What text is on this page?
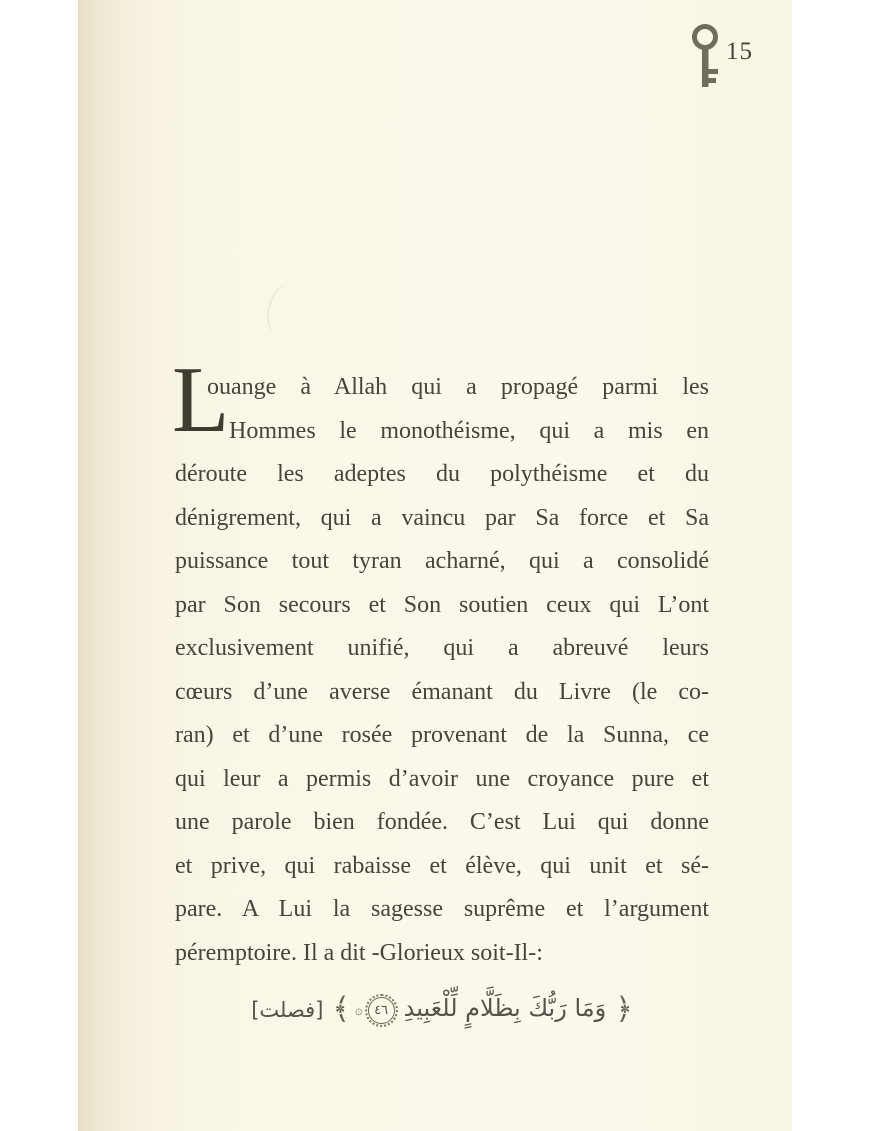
15
L
ouange à Allah qui a propagé parmi les
Hommes le monothéisme, qui a mis en
déroute les adeptes du polythéisme et du
dénigrement, qui a vaincu par Sa force et Sa
puissance tout tyran acharné, qui a consolidé
par Son secours et Son soutien ceux qui L’ont
exclusivement unifié, qui a abreuvé leurs
cœurs d’une averse émanant du Livre (le co-
ran) et d’une rosée provenant de la Sunna, ce
qui leur a permis d’avoir une croyance pure et
une parole bien fondée. C’est Lui qui donne
et prive, qui rabaisse et élève, qui unit et sé-
pare. A Lui la sagesse suprême et l’argument
péremptoire. Il a dit -Glorieux soit-Il-:
[فصلت] ﴾ ۞ ٤٦ وَمَا رَبُّكَ بِظَلَّامٍ لِّلْعَبِيدِ ﴿
